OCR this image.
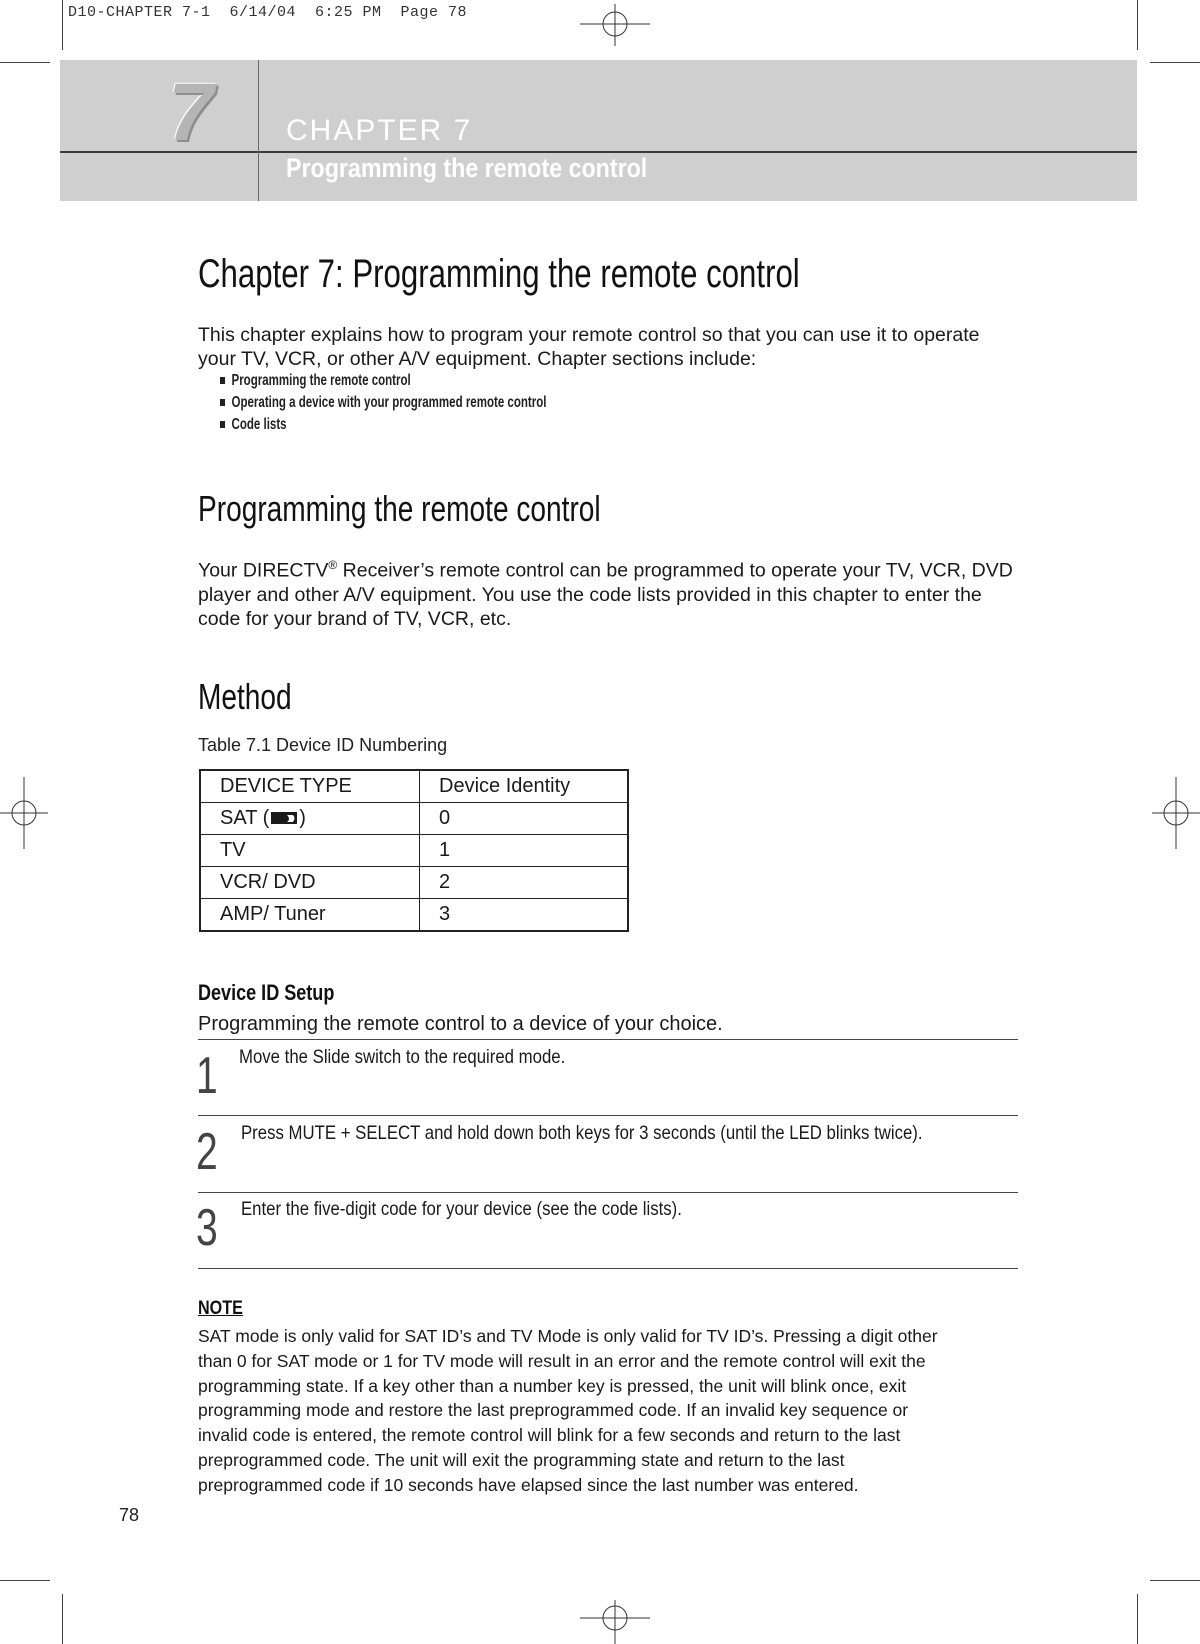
D10-CHAPTER 7-1  6/14/04  6:25 PM  Page 78
7 CHAPTER 7
Programming the remote control
Chapter 7: Programming the remote control
This chapter explains how to program your remote control so that you can use it to operate your TV, VCR, or other A/V equipment. Chapter sections include:
Programming the remote control
Operating a device with your programmed remote control
Code lists
Programming the remote control
Your DIRECTV® Receiver’s remote control can be programmed to operate your TV, VCR, DVD player and other A/V equipment. You use the code lists provided in this chapter to enter the code for your brand of TV, VCR, etc.
Method
Table 7.1 Device ID Numbering
DEVICE TYPE	Device Identity
SAT ( )	0
TV	1
VCR/ DVD	2
AMP/ Tuner	3
Device ID Setup
Programming the remote control to a device of your choice.
1 Move the Slide switch to the required mode.
2 Press MUTE + SELECT and hold down both keys for 3 seconds (until the LED blinks twice).
3 Enter the five-digit code for your device (see the code lists).
NOTE
SAT mode is only valid for SAT ID’s and TV Mode is only valid for TV ID’s. Pressing a digit other
than 0 for SAT mode or 1 for TV mode will result in an error and the remote control will exit the
programming state. If a key other than a number key is pressed, the unit will blink once, exit
programming mode and restore the last preprogrammed code. If an invalid key sequence or
invalid code is entered, the remote control will blink for a few seconds and return to the last
preprogrammed code. The unit will exit the programming state and return to the last
preprogrammed code if 10 seconds have elapsed since the last number was entered.
78
